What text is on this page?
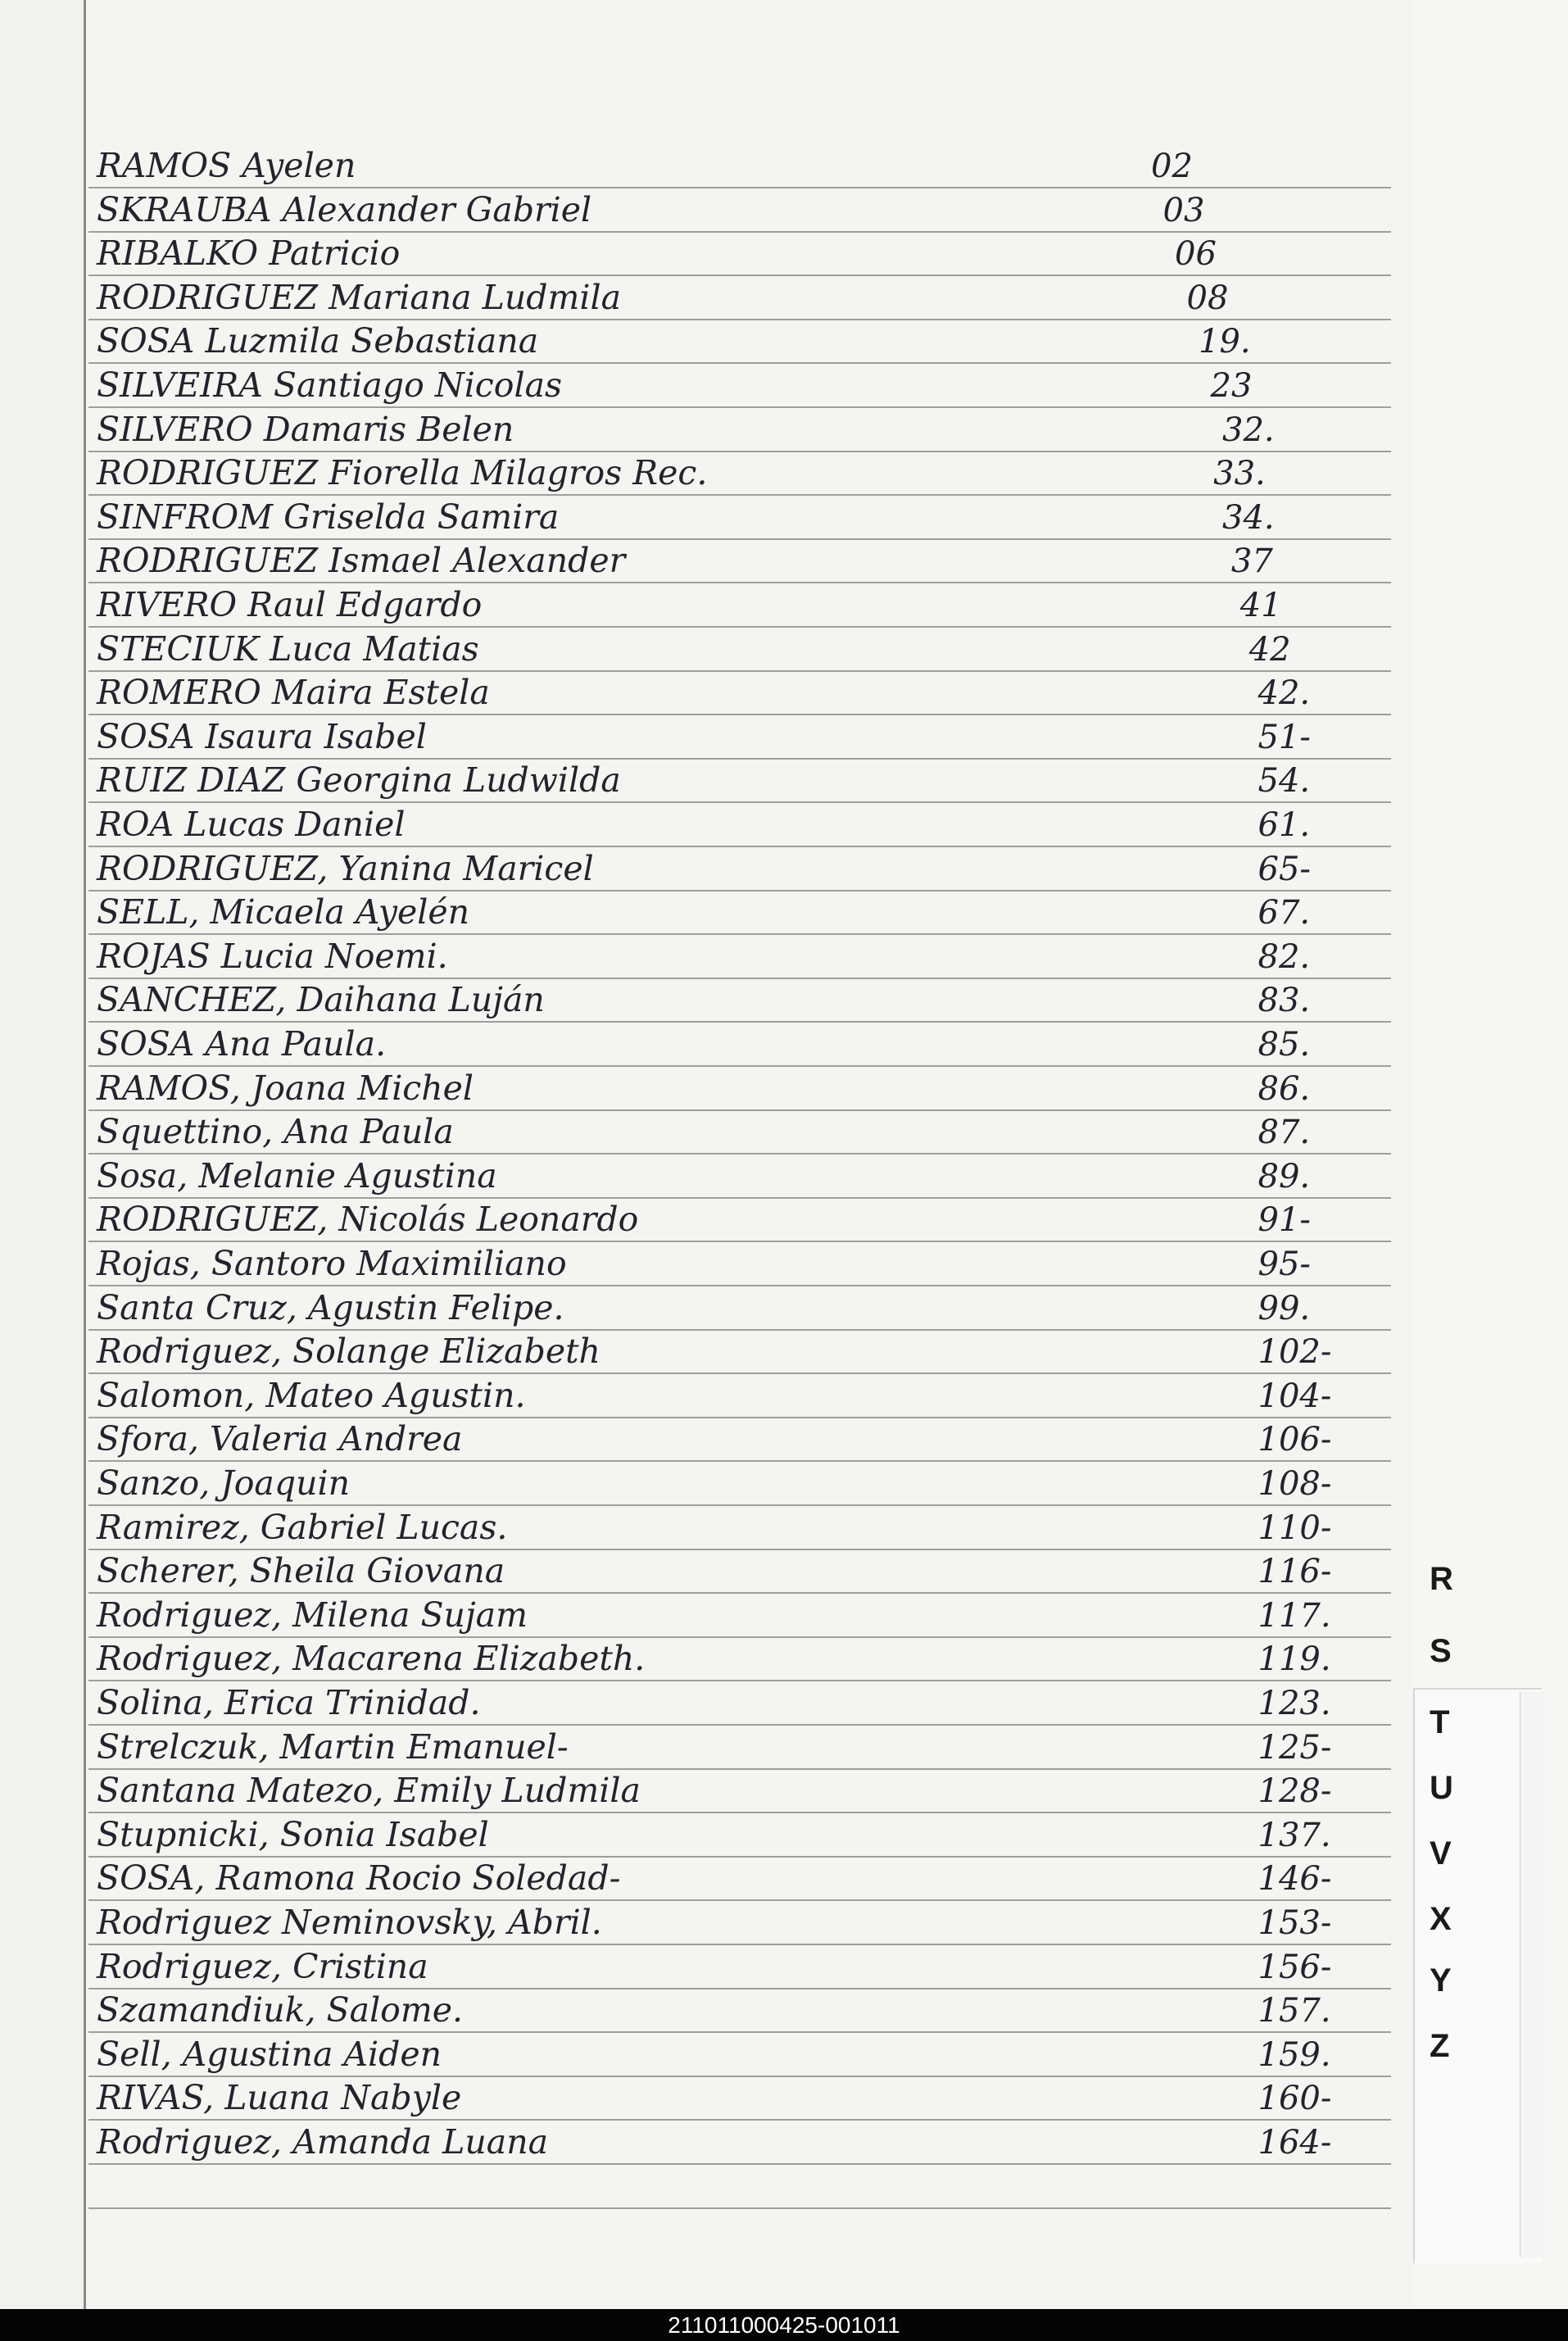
RAMOS Ayelen	02
SKRAUBA Alexander Gabriel	03
RIBALKO Patricio	06
RODRIGUEZ Mariana Ludmila	08
SOSA Luzmila Sebastiana	19.
SILVEIRA Santiago Nicolas	23
SILVERO Damaris Belen	32.
RODRIGUEZ Fiorella Milagros Rec.	33.
SINFROM Griselda Samira	34.
RODRIGUEZ Ismael Alexander	37
RIVERO Raul Edgardo	41
STECIUK Luca Matias	42
ROMERO Maira Estela	42.
SOSA Isaura Isabel	51-
RUIZ DIAZ Georgina Ludwilda	54.
ROA Lucas Daniel	61.
RODRIGUEZ, Yanina Maricel	65-
SELL, Micaela Ayelén	67.
ROJAS Lucia Noemi.	82.
SANCHEZ, Daihana Luján	83.
SOSA Ana Paula.	85.
RAMOS, Joana Michel	86.
Squettino, Ana Paula	87.
Sosa, Melanie Agustina	89.
RODRIGUEZ, Nicolás Leonardo	91-
Rojas, Santoro Maximiliano	95-
Santa Cruz, Agustin Felipe.	99.
Rodriguez, Solange Elizabeth	102-
Salomon, Mateo Agustin.	104-
Sfora, Valeria Andrea	106-
Sanzo, Joaquin	108-
Ramirez, Gabriel Lucas.	110-
Scherer, Sheila Giovana	116-
Rodriguez, Milena Sujam	117.
Rodriguez, Macarena Elizabeth.	119.
Solina, Erica Trinidad.	123.
Strelczuk, Martin Emanuel-	125-
Santana Matezo, Emily Ludmila	128-
Stupnicki, Sonia Isabel	137.
SOSA, Ramona Rocio Soledad-	146-
Rodriguez Neminovsky, Abril.	153-
Rodriguez, Cristina	156-
Szamandiuk, Salome.	157.
Sell, Agustina Aiden	159.
RIVAS, Luana Nabyle	160-
Rodriguez, Amanda Luana	164-
R
S
T
U
V
X
Y
Z
211011000425-001011
